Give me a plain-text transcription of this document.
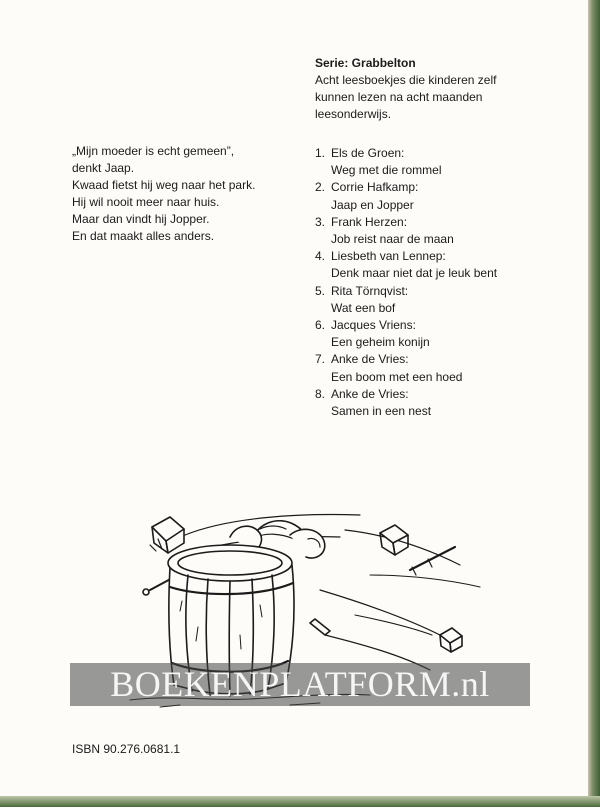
„Mijn moeder is echt gemeen”,
denkt Jaap.
Kwaad fietst hij weg naar het park.
Hij wil nooit meer naar huis.
Maar dan vindt hij Jopper.
En dat maakt alles anders.
Serie: Grabbelton
Acht leesboekjes die kinderen zelf
kunnen lezen na acht maanden
leesonderwijs.
1. Els de Groen:
Weg met die rommel
2. Corrie Hafkamp:
Jaap en Jopper
3. Frank Herzen:
Job reist naar de maan
4. Liesbeth van Lennep:
Denk maar niet dat je leuk bent
5. Rita Törnqvist:
Wat een bof
6. Jacques Vriens:
Een geheim konijn
7. Anke de Vries:
Een boom met een hoed
8. Anke de Vries:
Samen in een nest
BOEKENPLATFORM.nl
ISBN 90.276.0681.1
